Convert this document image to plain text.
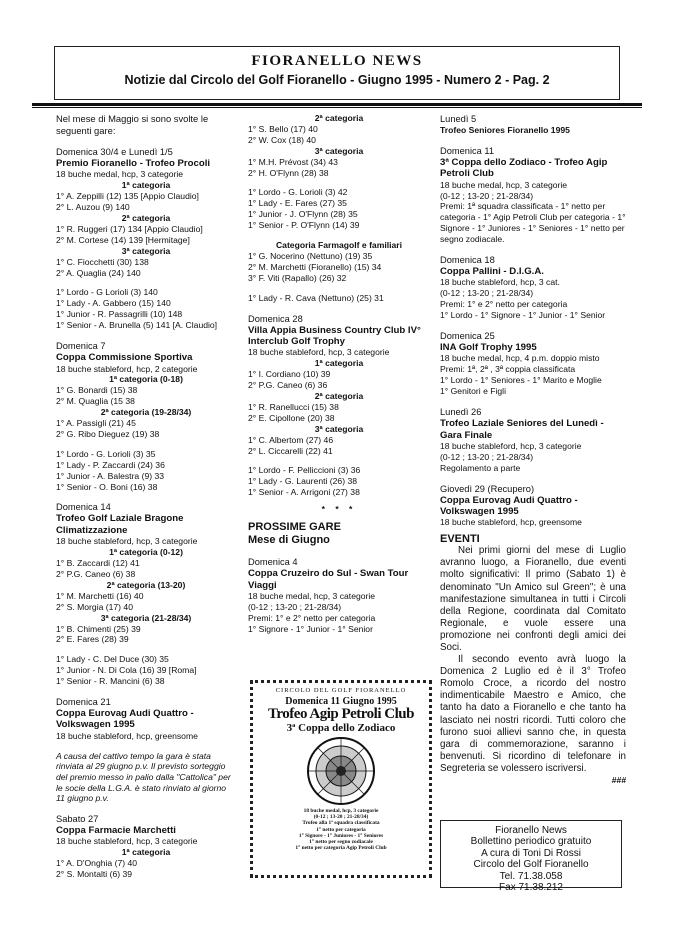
FIORANELLO NEWS
Notizie dal Circolo del Golf Fioranello - Giugno 1995 - Numero 2 - Pag. 2
Nel mese di Maggio si sono svolte le seguenti gare:
Domenica 30/4 e Lunedì 1/5
Premio Fioranello - Trofeo Procoli
18 buche medal, hcp, 3 categorie
1ª categoria
1° A. Zeppilli (12) 135 [Appio Claudio]
2° L. Auzou (9) 140
2ª categoria
1° R. Ruggeri (17) 134 [Appio Claudio]
2° M. Cortese (14) 139 [Hermitage]
3ª categoria
1° C. Fiocchetti (30) 138
2° A. Quaglia (24) 140
1° Lordo - G Lorioli (3) 140
1° Lady - A. Gabbero (15) 140
1° Junior - R. Passagrilli (10) 148
1° Senior - A. Brunella (5) 141 [A. Claudio]
Domenica 7
Coppa Commissione Sportiva
18 buche stableford, hcp, 2 categorie
1ª categoria (0-18)
1° G. Bonardi (15) 38
2° M. Quaglia (15 38
2ª categoria (19-28/34)
1° A. Passigli (21) 45
2° G. Ribo Dieguez (19) 38
1° Lordo - G. Lorioli (3) 35
1° Lady - P. Zaccardi (24) 36
1° Junior - A. Balestra (9) 33
1° Senior - O. Boni (16) 38
Domenica 14
Trofeo Golf Laziale Bragone Climatizzazione
18 buche stableford, hcp, 3 categorie
1ª categoria (0-12)
1° B. Zaccardi (12) 41
2° P.G. Caneo (6) 38
2ª categoria (13-20)
1° M. Marchetti (16) 40
2° S. Morgia (17) 40
3ª categoria (21-28/34)
1° B. Chimenti (25) 39
2° E. Fares (28) 39
1° Lady - C. Del Duce (30) 35
1° Junior - N. Di Cola (16) 39 [Roma]
1° Senior - R. Mancini (6) 38
Domenica 21
Coppa Eurovag Audi Quattro - Volkswagen 1995
18 buche stableford, hcp, greensome
A causa del cattivo tempo la gara è stata rinviata al 29 giugno p.v. Il previsto sorteggio del premio messo in palio dalla "Cattolica" per le socie della L.G.A. è stato rinviato al giorno 11 giugno p.v.
Sabato 27
Coppa Farmacie Marchetti
18 buche stableford, hcp, 3 categorie
1ª categoria
1° A. D'Onghia (7) 40
2° S. Montalti (6) 39
2ª categoria
1° S. Bello (17) 40
2° W. Cox (18) 40
3ª categoria
1° M.H. Prévost (34) 43
2° H. O'Flynn (28) 38
1° Lordo - G. Lorioli (3) 42
1° Lady - E. Fares (27) 35
1° Junior - J. O'Flynn (28) 35
1° Senior - P. O'Flynn (14) 39
Categoria Farmagolf e familiari
1° G. Nocerino (Nettuno) (19) 35
2° M. Marchetti (Fioranello) (15) 34
3° F. Viti (Rapallo) (26) 32
1° Lady - R. Cava (Nettuno) (25) 31
Domenica 28
Villa Appia Business Country Club IV° Interclub Golf Trophy
18 buche stableford, hcp, 3 categorie
1ª categoria
1° I. Cordiano (10) 39
2° P.G. Caneo (6) 36
2ª categoria
1° R. Ranellucci (15) 38
2° E. Cipollone (20) 38
3ª categoria
1° C. Albertom (27) 46
2° L. Ciccarelli (22) 41
1° Lordo - F. Pelliccioni (3) 36
1° Lady - G. Laurenti (26) 38
1° Senior - A. Arrigoni (27) 38
* * *
PROSSIME GARE
Mese di Giugno
Domenica 4
Coppa Cruzeiro do Sul - Swan Tour Viaggi
18 buche medal, hcp, 3 categorie
(0-12 ; 13-20 ; 21-28/34)
Premi: 1° e 2° netto per categoria
1° Signore - 1° Junior - 1° Senior
CIRCOLO DEL GOLF FIORANELLO
Domenica 11 Giugno 1995
Trofeo Agip Petroli Club
3ª Coppa dello Zodiaco
18 buche medal, hcp, 3 categorie
(0-12 ; 13-20 ; 21-28/34)
Trofeo alla 1ª squadra classificata
1° netto per categoria
1° Signore - 1° Juniores - 1° Seniores
1° netto per segno zodiacale
1° netto per categoria Agip Petroli Club
Lunedì 5
Trofeo Seniores Fioranello 1995
Domenica 11
3ª Coppa dello Zodiaco - Trofeo Agip Petroli Club
18 buche medal, hcp, 3 categorie
(0-12 ; 13-20 ; 21-28/34)
Premi: 1ª squadra classificata - 1° netto per categoria - 1° Agip Petroli Club per categoria - 1° Signore - 1° Juniores - 1° Seniores - 1° netto per segno zodiacale.
Domenica 18
Coppa Pallini - D.I.G.A.
18 buche stableford, hcp, 3 cat.
(0-12 ; 13-20 ; 21-28/34)
Premi: 1° e 2° netto per categoria
1° Lordo - 1° Signore - 1° Junior - 1° Senior
Domenica 25
INA Golf Trophy 1995
18 buche medal, hcp, 4 p.m. doppio misto
Premi: 1ª, 2ª , 3ª coppia classificata
1° Lordo - 1° Seniores - 1° Marito e Moglie
1° Genitori e Figli
Lunedì 26
Trofeo Laziale Seniores del Lunedì - Gara Finale
18 buche stableford, hcp, 3 categorie
(0-12 ; 13-20 ; 21-28/34)
Regolamento a parte
Giovedì 29 (Recupero)
Coppa Eurovag Audi Quattro - Volkswagen 1995
18 buche stableford, hcp, greensome
EVENTI

Nei primi giorni del mese di Luglio avranno luogo, a Fioranello, due eventi molto significativi: Il primo (Sabato 1) è denominato "Un Amico sul Green"; è una manifestazione simultanea in tutti i Circoli della Regione, coordinata dal Comitato Regionale, e vuole essere una promozione nei confronti degli amici dei Soci.

Il secondo evento avrà luogo la Domenica 2 Luglio ed è il 3° Trofeo Romolo Croce, a ricordo del nostro indimenticabile Maestro e Amico, che tanto ha dato a Fioranello e che tanto ha lasciato nei nostri ricordi. Tutti coloro che furono suoi allievi sanno che, in questa gara di commemorazione, saranno i benvenuti. Si ricordino di telefonare in Segreteria se volessero iscriversi.

###
Fioranello News
Bollettino periodico gratuito
A cura di Toni Di Rossi
Circolo del Golf Fioranello
Tel. 71.38.058
Fax 71.38.212
